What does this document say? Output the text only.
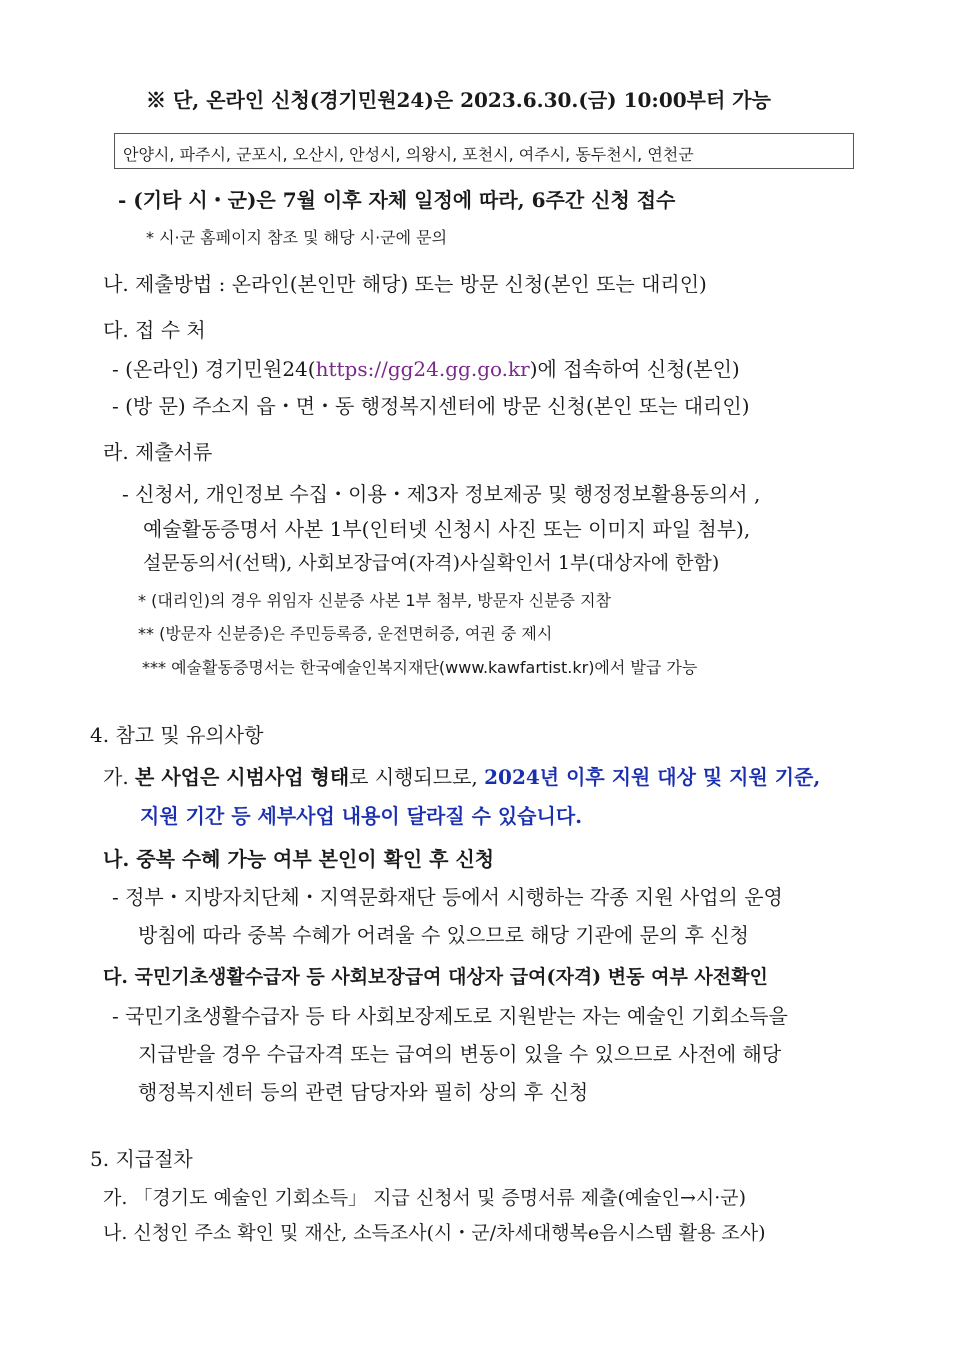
※ 단, 온라인 신청(경기민원24)은 2023.6.30.(금) 10:00부터 가능
안양시, 파주시, 군포시, 오산시, 안성시, 의왕시, 포천시, 여주시, 동두천시, 연천군
- (기타 시・군)은 7월 이후 자체 일정에 따라, 6주간 신청 접수
* 시·군 홈페이지 참조 및 해당 시·군에 문의
나. 제출방법 : 온라인(본인만 해당) 또는 방문 신청(본인 또는 대리인)
다. 접 수 처
- (온라인) 경기민원24(https://gg24.gg.go.kr)에 접속하여 신청(본인)
- (방 문) 주소지 읍・면・동 행정복지센터에 방문 신청(본인 또는 대리인)
라. 제출서류
- 신청서, 개인정보 수집・이용・제3자 정보제공 및 행정정보활용동의서 ,
예술활동증명서 사본 1부(인터넷 신청시 사진 또는 이미지 파일 첨부),
설문동의서(선택), 사회보장급여(자격)사실확인서 1부(대상자에 한함)
* (대리인)의 경우 위임자 신분증 사본 1부 첨부, 방문자 신분증 지참
** (방문자 신분증)은 주민등록증, 운전면허증, 여권 중 제시
*** 예술활동증명서는 한국예술인복지재단(www.kawfartist.kr)에서 발급 가능
4. 참고 및 유의사항
가. 본 사업은 시범사업 형태로 시행되므로, 2024년 이후 지원 대상 및 지원 기준,
지원 기간 등 세부사업 내용이 달라질 수 있습니다.
나. 중복 수혜 가능 여부 본인이 확인 후 신청
- 정부・지방자치단체・지역문화재단 등에서 시행하는 각종 지원 사업의 운영
방침에 따라 중복 수혜가 어려울 수 있으므로 해당 기관에 문의 후 신청
다. 국민기초생활수급자 등 사회보장급여 대상자 급여(자격) 변동 여부 사전확인
- 국민기초생활수급자 등 타 사회보장제도로 지원받는 자는 예술인 기회소득을
지급받을 경우 수급자격 또는 급여의 변동이 있을 수 있으므로 사전에 해당
행정복지센터 등의 관련 담당자와 필히 상의 후 신청
5. 지급절차
가. 「경기도 예술인 기회소득」 지급 신청서 및 증명서류 제출(예술인→시·군)
나. 신청인 주소 확인 및 재산, 소득조사(시・군/차세대행복e음시스템 활용 조사)
